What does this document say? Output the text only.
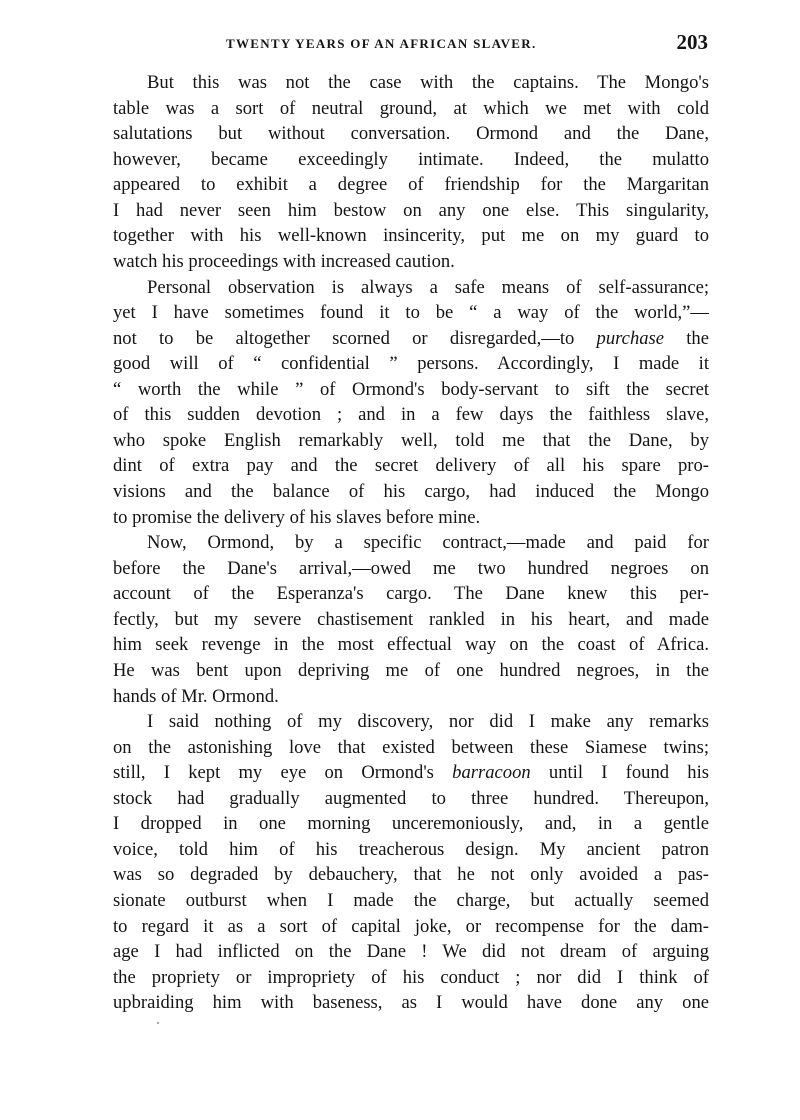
TWENTY YEARS OF AN AFRICAN SLAVER.	203
But this was not the case with the captains. The Mongo's
table was a sort of neutral ground, at which we met with cold
salutations but without conversation. Ormond and the Dane,
however, became exceedingly intimate. Indeed, the mulatto
appeared to exhibit a degree of friendship for the Margaritan
I had never seen him bestow on any one else. This singularity,
together with his well-known insincerity, put me on my guard to
watch his proceedings with increased caution.
Personal observation is always a safe means of self-assurance;
yet I have sometimes found it to be “ a way of the world,”—
not to be altogether scorned or disregarded,—to purchase the
good will of “ confidential ” persons. Accordingly, I made it
“ worth the while ” of Ormond's body-servant to sift the secret
of this sudden devotion ; and in a few days the faithless slave,
who spoke English remarkably well, told me that the Dane, by
dint of extra pay and the secret delivery of all his spare pro-
visions and the balance of his cargo, had induced the Mongo
to promise the delivery of his slaves before mine.
Now, Ormond, by a specific contract,—made and paid for
before the Dane's arrival,—owed me two hundred negroes on
account of the Esperanza's cargo. The Dane knew this per-
fectly, but my severe chastisement rankled in his heart, and made
him seek revenge in the most effectual way on the coast of Africa.
He was bent upon depriving me of one hundred negroes, in the
hands of Mr. Ormond.
I said nothing of my discovery, nor did I make any remarks
on the astonishing love that existed between these Siamese twins;
still, I kept my eye on Ormond's barracoon until I found his
stock had gradually augmented to three hundred. Thereupon,
I dropped in one morning unceremoniously, and, in a gentle
voice, told him of his treacherous design. My ancient patron
was so degraded by debauchery, that he not only avoided a pas-
sionate outburst when I made the charge, but actually seemed
to regard it as a sort of capital joke, or recompense for the dam-
age I had inflicted on the Dane ! We did not dream of arguing
the propriety or impropriety of his conduct ; nor did I think of
upbraiding him with baseness, as I would have done any one
